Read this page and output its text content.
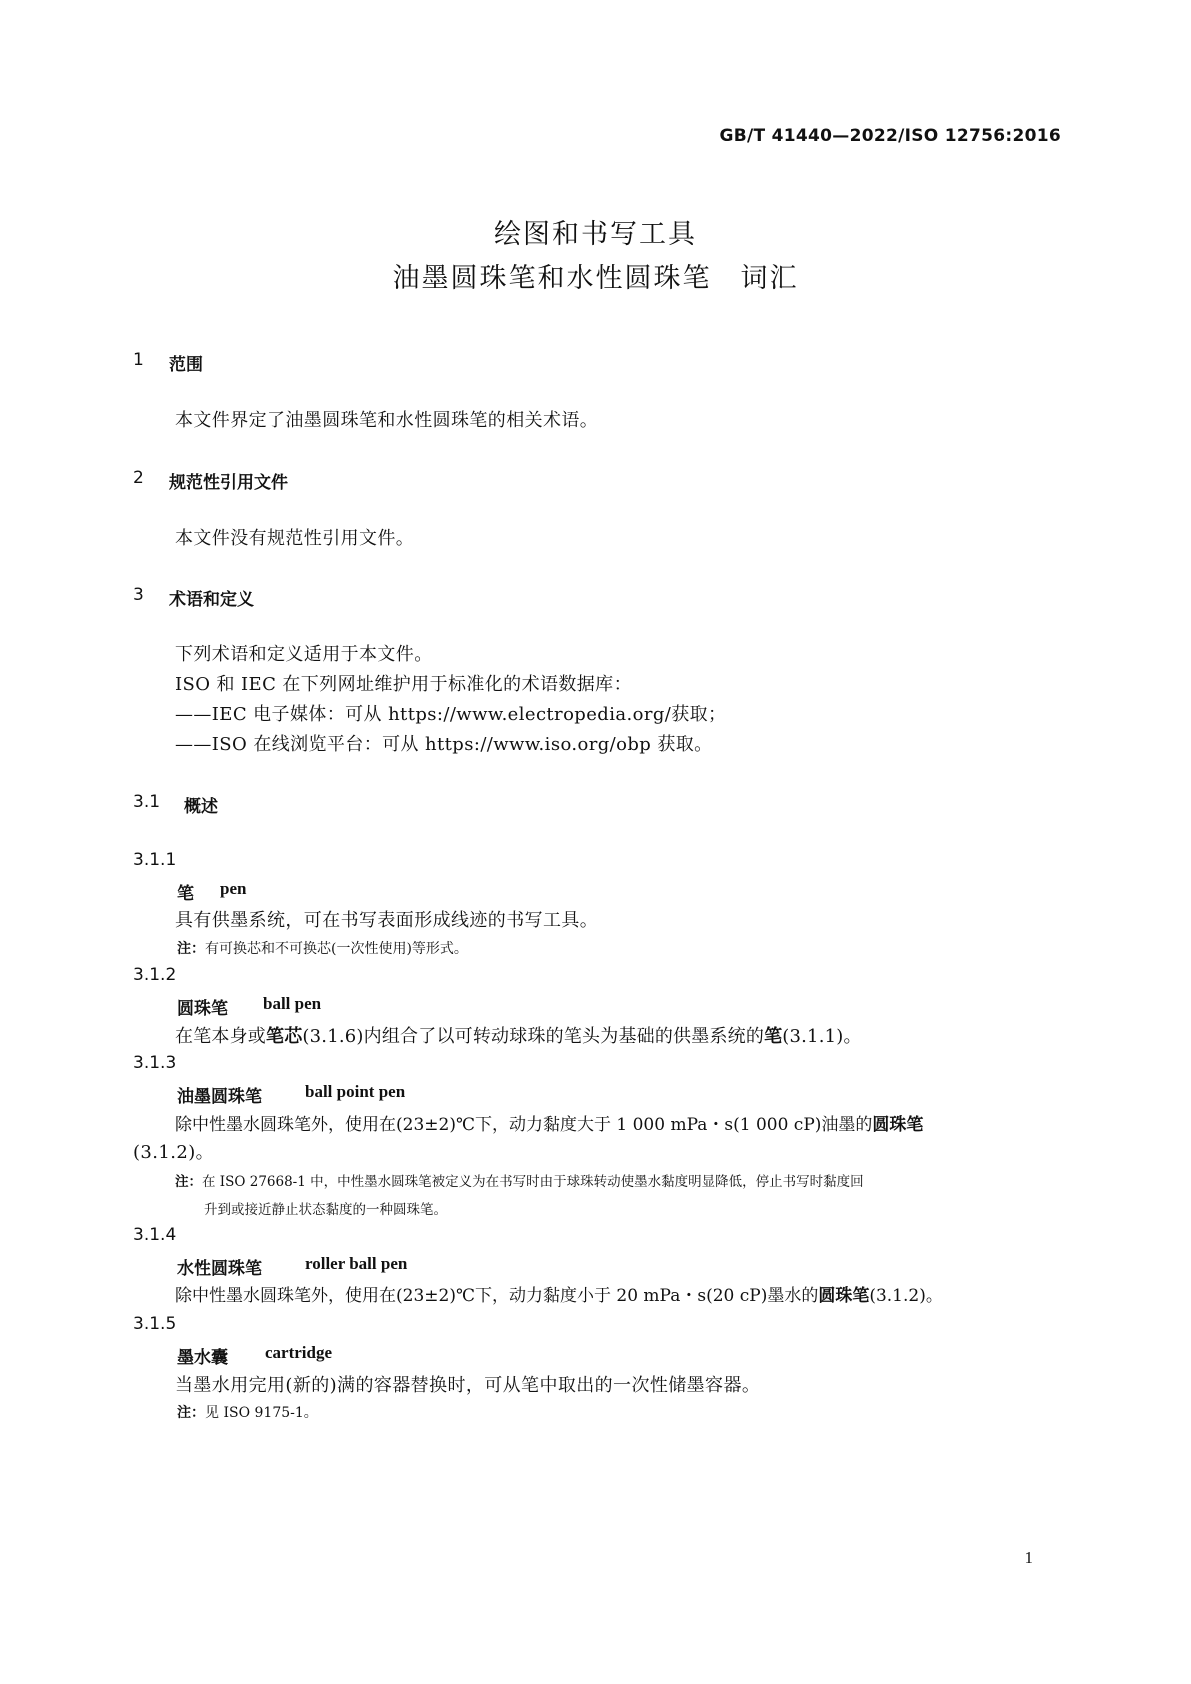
GB/T 41440—2022/ISO 12756:2016
绘图和书写工具
油墨圆珠笔和水性圆珠笔　词汇
1 范围
本文件界定了油墨圆珠笔和水性圆珠笔的相关术语。
2 规范性引用文件
本文件没有规范性引用文件。
3 术语和定义
下列术语和定义适用于本文件。
ISO 和 IEC 在下列网址维护用于标准化的术语数据库：
——IEC 电子媒体：可从 https://www.electropedia.org/获取；
——ISO 在线浏览平台：可从 https://www.iso.org/obp 获取。
3.1 概述
3.1.1
笔 pen
具有供墨系统，可在书写表面形成线迹的书写工具。
注：有可换芯和不可换芯(一次性使用)等形式。
3.1.2
圆珠笔 ball pen
在笔本身或笔芯(3.1.6)内组合了以可转动球珠的笔头为基础的供墨系统的笔(3.1.1)。
3.1.3
油墨圆珠笔	ball point pen
除中性墨水圆珠笔外，使用在(23±2)℃下，动力黏度大于 1 000 mPa・s(1 000 cP)油墨的圆珠笔
(3.1.2)。
注：在 ISO 27668-1 中，中性墨水圆珠笔被定义为在书写时由于球珠转动使墨水黏度明显降低，停止书写时黏度回
升到或接近静止状态黏度的一种圆珠笔。
3.1.4
水性圆珠笔	roller ball pen
除中性墨水圆珠笔外，使用在(23±2)℃下，动力黏度小于 20 mPa・s(20 cP)墨水的圆珠笔(3.1.2)。
3.1.5
墨水囊 cartridge
当墨水用完用(新的)满的容器替换时，可从笔中取出的一次性储墨容器。
注：见 ISO 9175-1。
1
